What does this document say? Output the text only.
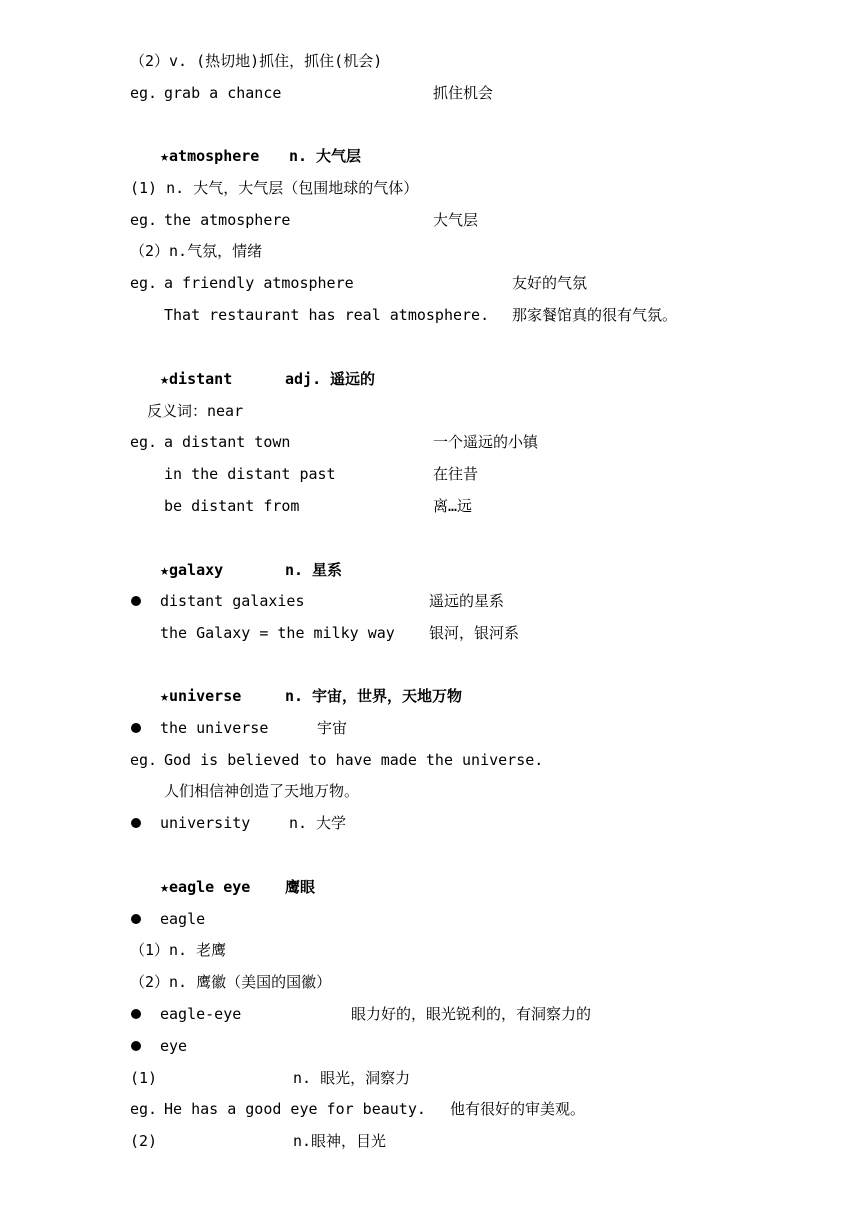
（2）v. (热切地)抓住，抓住(机会)
eg. grab a chance	抓住机会
★atmosphere n. 大气层
(1) n. 大气，大气层（包围地球的气体）
eg. the atmosphere	大气层
（2）n.气氛，情绪
eg. a friendly atmosphere	友好的气氛
That restaurant has real atmosphere. 那家餐馆真的很有气氛。
★distant	adj. 遥远的
反义词：near
eg. a distant town	一个遥远的小镇
in the distant past	在往昔
be distant from	离…远
★galaxy	n. 星系
distant galaxies	遥远的星系
the Galaxy = the milky way 银河，银河系
★universe	n. 宇宙，世界，天地万物
the universe	宇宙
eg. God is believed to have made the universe.
人们相信神创造了天地万物。
university	n. 大学
★eagle eye 鹰眼
eagle
（1）n. 老鹰
（2）n. 鹰徽（美国的国徽）
eagle-eye	眼力好的，眼光锐利的，有洞察力的
eye
(1)	n. 眼光，洞察力
eg. He has a good eye for beauty. 他有很好的审美观。
(2)	n.眼神，目光
